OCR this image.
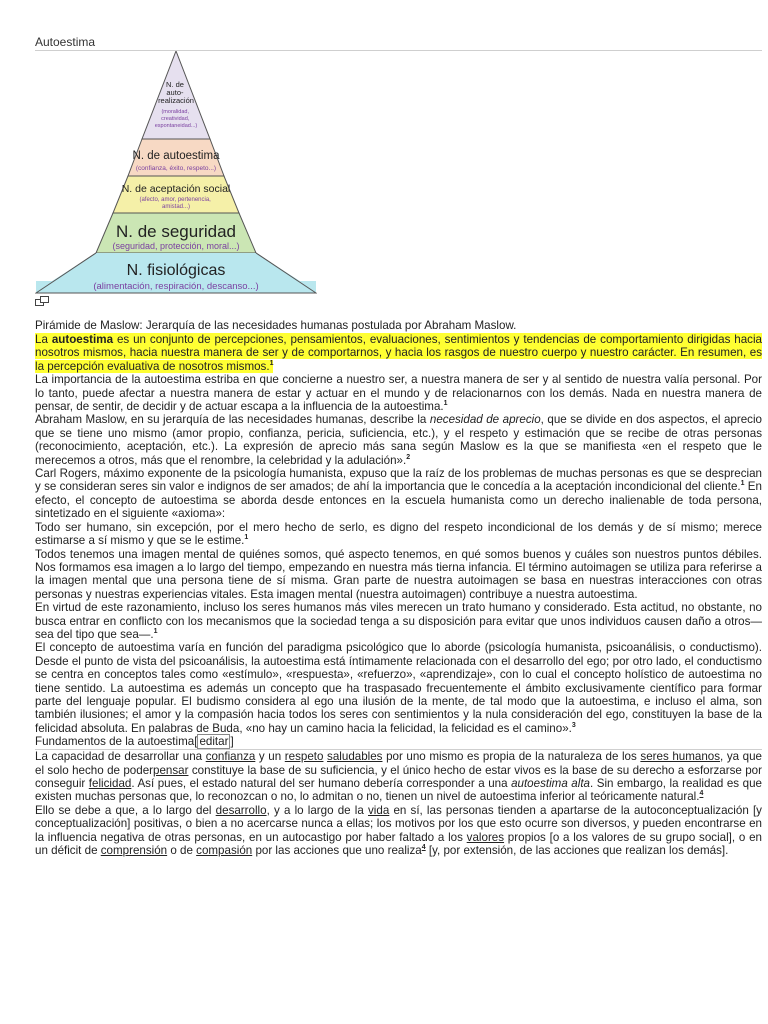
Autoestima
N. de auto- realización
(moralidad, creatividad, espontaneidad...)
N. de autoestima
(confianza, éxito, respeto...)
N. de aceptación social
(afecto, amor, pertenencia, amistad...)
N. de seguridad
(seguridad, protección, moral...)
N. fisiológicas
(alimentación, respiración, descanso...)
Pirámide de Maslow: Jerarquía de las necesidades humanas postulada por Abraham Maslow.

La autoestima es un conjunto de percepciones, pensamientos, evaluaciones, sentimientos y tendencias de comportamiento dirigidas hacia nosotros mismos, hacia nuestra manera de ser y de comportarnos, y hacia los rasgos de nuestro cuerpo y nuestro carácter. En resumen, es la percepción evaluativa de nosotros mismos.$^1$

La importancia de la autoestima estriba en que concierne a nuestro ser, a nuestra manera de ser y al sentido de nuestra valía personal. Por lo tanto, puede afectar a nuestra manera de estar y actuar en el mundo y de relacionarnos con los demás. Nada en nuestra manera de pensar, de sentir, de decidir y de actuar escapa a la influencia de la autoestima.$^1$

Abraham Maslow, en su jerarquía de las necesidades humanas, describe la necesidad de aprecio, que se divide en dos aspectos, el aprecio que se tiene uno mismo (amor propio, confianza, pericia, suficiencia, etc.), y el respeto y estimación que se recibe de otras personas (reconocimiento, aceptación, etc.). La expresión de aprecio más sana según Maslow es la que se manifiesta «en el respeto que le merecemos a otros, más que el renombre, la celebridad y la adulación».$^2$

Carl Rogers, máximo exponente de la psicología humanista, expuso que la raíz de los problemas de muchas personas es que se desprecian y se consideran seres sin valor e indignos de ser amados; de ahí la importancia que le concedía a la aceptación incondicional del cliente.$^1$ En efecto, el concepto de autoestima se aborda desde entonces en la escuela humanista como un derecho inalienable de toda persona, sintetizado en el siguiente «axioma»:

Todo ser humano, sin excepción, por el mero hecho de serlo, es digno del respeto incondicional de los demás y de sí mismo; merece estimarse a sí mismo y que se le estime.$^1$

Todos tenemos una imagen mental de quiénes somos, qué aspecto tenemos, en qué somos buenos y cuáles son nuestros puntos débiles. Nos formamos esa imagen a lo largo del tiempo, empezando en nuestra más tierna infancia. El término autoimagen se utiliza para referirse a la imagen mental que una persona tiene de sí misma. Gran parte de nuestra autoimagen se basa en nuestras interacciones con otras personas y nuestras experiencias vitales. Esta imagen mental (nuestra autoimagen) contribuye a nuestra autoestima.

En virtud de este razonamiento, incluso los seres humanos más viles merecen un trato humano y considerado. Esta actitud, no obstante, no busca entrar en conflicto con los mecanismos que la sociedad tenga a su disposición para evitar que unos individuos causen daño a otros—sea del tipo que sea—.$^1$

El concepto de autoestima varía en función del paradigma psicológico que lo aborde (psicología humanista, psicoanálisis, o conductismo). Desde el punto de vista del psicoanálisis, la autoestima está íntimamente relacionada con el desarrollo del ego; por otro lado, el conductismo se centra en conceptos tales como «estímulo», «respuesta», «refuerzo», «aprendizaje», con lo cual el concepto holístico de autoestima no tiene sentido. La autoestima es además un concepto que ha traspasado frecuentemente el ámbito exclusivamente científico para formar parte del lenguaje popular. El budismo considera al ego una ilusión de la mente, de tal modo que la autoestima, e incluso el alma, son también ilusiones; el amor y la compasión hacia todos los seres con sentimientos y la nula consideración del ego, constituyen la base de la felicidad absoluta. En palabras de Buda, «no hay un camino hacia la felicidad, la felicidad es el camino».$^3$

Fundamentos de la autoestima[ editar ]

La capacidad de desarrollar una confianza y un respeto saludables por uno mismo es propia de la naturaleza de los seres humanos, ya que el solo hecho de poderpensar constituye la base de su suficiencia, y el único hecho de estar vivos es la base de su derecho a esforzarse por conseguir felicidad. Así pues, el estado natural del ser humano debería corresponder a una autoestima alta. Sin embargo, la realidad es que existen muchas personas que, lo reconozcan o no, lo admitan o no, tienen un nivel de autoestima inferior al teóricamente natural.$^4$

Ello se debe a que, a lo largo del desarrollo, y a lo largo de la vida en sí, las personas tienden a apartarse de la autoconceptualización [y conceptualización] positivas, o bien a no acercarse nunca a ellas; los motivos por los que esto ocurre son diversos, y pueden encontrarse en la influencia negativa de otras personas, en un autocastigo por haber faltado a los valores propios [o a los valores de su grupo social], o en un déficit de comprensión o de compasión por las acciones que uno realiza$^4$ [y, por extensión, de las acciones que realizan los demás].
